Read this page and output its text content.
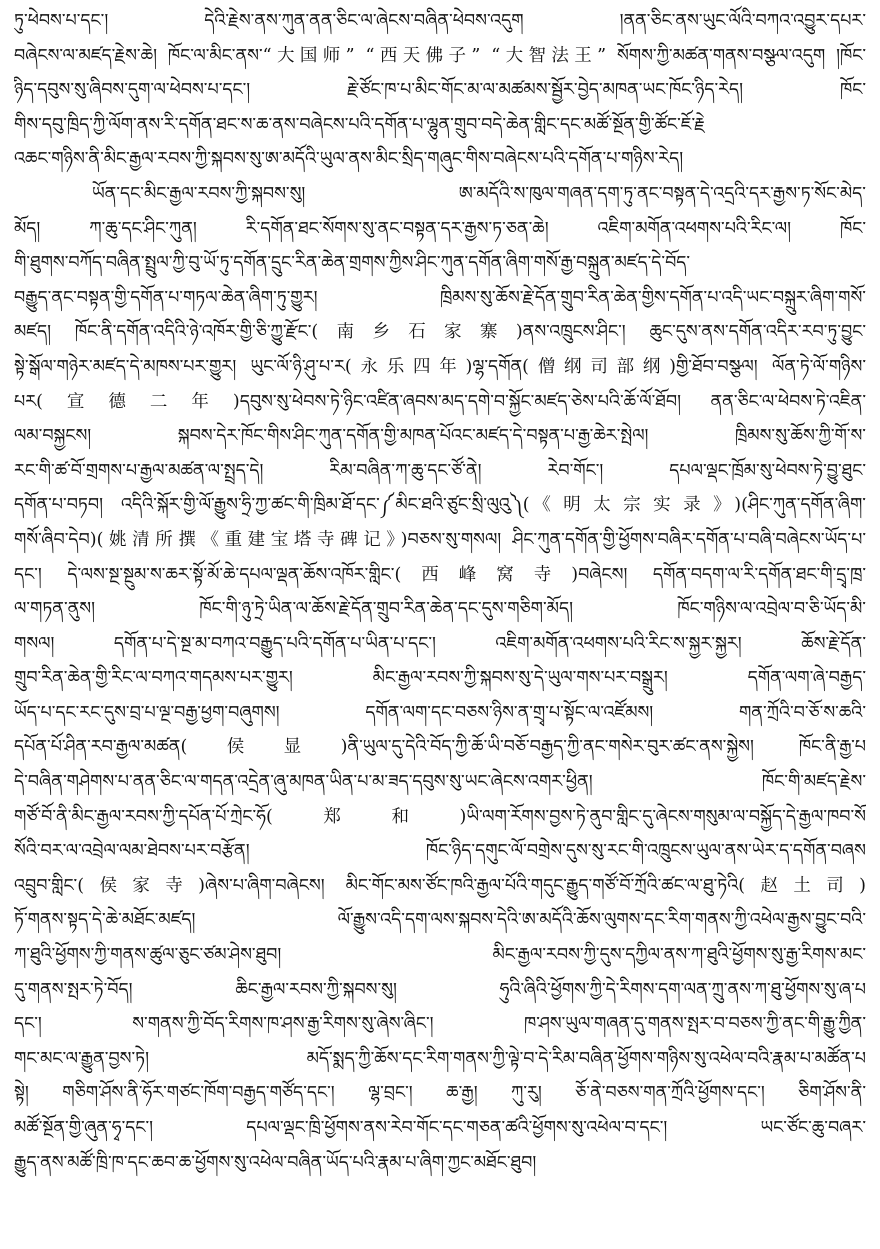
ཏུ་ཕེབས་པ་དང་། དེའི་རྗེས་ནས་ཀུན་ནན་ཅིང་ལ་ཞེངས་བཞིན་ཕེབས་འདུག །ནན་ཅིང་ནས་ཡུང་ལོའི་བཀའ་འབྱུར་དཔར་
བཞེངས་ལ་མཛད་རྗེས་ཆེ། ཁོང་ལ་མིང་ནས་“大国师” “西天佛子” “大智法王” སོགས་ཀྱི་མཚན་གནས་བསྩལ་འདུག །ཁོང་
ཉིད་དབུས་སུ་ཞིབས་དུག་ལ་ཕེབས་པ་དང་། རྗེ་ཙོང་ཁ་པ་མིང་གོང་མ་ལ་མཚམས་སྦྱོར་བྱེད་མཁན་ཡང་ཁོང་ཉིད་རེད། ཁོང་
གིས་དབུ་ཁྲིད་ཀྱི་ལོག་ནས་རི་དགོན་ཐང་ས་ཆ་ནས་བཞེངས་པའི་དགོན་པ་ལྷུན་གྲུབ་བདེ་ཆེན་གླིང་དང་མཚོ་སྔོན་གྱི་ཚོང་ཇོ་རྗེ
འཆང་གཉིས་ནི་མིང་རྒྱལ་རབས་ཀྱི་སྐབས་སུ་ཨ་མདོའི་ཡུལ་ནས་མིང་སྲིད་གཞུང་གིས་བཞེངས་པའི་དགོན་པ་གཉིས་རེད།
ཡོན་དང་མིང་རྒྱལ་རབས་ཀྱི་སྐབས་སུ། ཨ་མདོའི་ས་ཁུལ་གཞན་དག་ཏུ་ནང་བསྟན་དེ་འདྲའི་དར་རྒྱས་ཏ་སོང་མེད་
མོད། ཀ་ཆུ་དང་ཤིང་ཀུན། རི་དགོན་ཐང་སོགས་སུ་ནང་བསྟན་དར་རྒྱས་ཏ་ཅན་ཆེ། འཇིག་མགོན་འཕགས་པའི་རིང་ལ། ཁོང་
གི་ཐུགས་བཀོད་བཞིན་སྤྲུལ་ཀྱི་བུ་ཡོ་ཏུ་དགོན་དྲུང་རིན་ཆེན་གྲགས་ཀྱིས་ཤིང་ཀུན་དགོན་ཞིག་གསོ་རྒྱ་བསྐྲུན་མཛད་དེ་བོད་
བརྒྱུད་ནང་བསྟན་གྱི་དགོན་པ་གཏལ་ཆེན་ཞིག་ཏུ་གྱུར། ཁྲིམས་སུ་ཆོས་རྗེ་དོན་གྲུབ་རིན་ཆེན་གྱིས་དགོན་པ་འདི་ཡང་བསྐྲུར་ཞིག་གསོ་
མཛད། ཁོང་ནི་དགོན་འདིའི་ཉེ་འཁོར་གྱི་ཅི་ཀྱུ་རྫོང་(南乡石家寨)ནས་འཁྲུངས་ཤིང་། ཆུང་དུས་ནས་དགོན་འདིར་རབ་ཏུ་བྱུང་
སྟེ་སྒོལ་གཉེར་མཛད་དེ་མཁས་པར་གྱུར། ཡུང་ལོ་ཉི་ཤུ་པ་ར(永乐四年)ལྷ་དགོན(僧纲司部纲)གྱི་ཐོབ་བསྩལ། ལོན་ཏེ་ལོ་གཉིས་
པར(宣德二年)དབུས་སུ་ཕེབས་ཏེ་ཉིང་འཛིན་ཞབས་མད་དགེ་བ་སྐྱོང་མཛད་ཅེས་པའི་ཆོ་ལོ་ཐོབ། ནན་ཅིང་ལ་ཕེབས་ཏེ་འཇིན་
ལམ་བསྐྱངས། སྐབས་དེར་ཁོང་གིས་ཤིང་ཀུན་དགོན་གྱི་མཁན་པོའང་མཛད་དེ་བསྟན་པ་རྒྱ་ཆེར་སྤེལ། ཁྲིམས་སུ་ཆོས་ཀྱི་གོ་ས་
རང་གི་ཚ་བོ་གྲགས་པ་རྒྱལ་མཚན་ལ་སྤྲད་དེ། རིམ་བཞིན་ཀ་ཆུ་དང་ཙོ་ནེ། རེབ་གོང་། དཔལ་ལྡང་ཁྲོམ་སུ་ཕེབས་ཏེ་བྱུ་ཐུང་
དགོན་པ་བཏབ། འདིའི་སྐོར་གྱི་ལོ་རྒྱུས་ཧྲི་ཀྱ་ཚང་གི་ཁྲིམ་ཐོ་དང་༼མིང་ཐའི་ཙུང་སྲི་ལུའུ༽(《明太宗实录》)(ཤིང་ཀུན་དགོན་ཞིག་
གསོ་ཞིབ་དེབ)(姚清所撰《重建宝塔寺碑记》)བཅས་སུ་གསལ། ཤིང་ཀུན་དགོན་གྱི་ཕྱོགས་བཞིར་དགོན་པ་བཞི་བཞེངས་ཡོད་པ་
དང་། དེ་ལས་སྔ་སྔུམ་ས་ཆར་སྟོ་མོ་ཆེ་དཔལ་ལྡན་ཆོས་འཁོར་གླིང་(西峰窝寺)བཞེངས། དགོན་བདག་ལ་རི་དགོན་ཐང་གི་དྲྭ་ཁྲ་
ལ་གཏན་ནུས། ཁོང་གི་ཉུ་ཏྲེ་ཡིན་ལ་ཆོས་རྗེ་དོན་གྲུབ་རིན་ཆེན་དང་དུས་གཅིག་མོད། ཁོང་གཉིས་ལ་འབྲེལ་བ་ཅི་ཡོད་མི་
གསལ། དགོན་པ་དེ་སྔ་མ་བཀའ་བརྒྱུད་པའི་དགོན་པ་ཡིན་པ་དང་། འཇིག་མགོན་འཕགས་པའི་རིང་ས་སྐྱར་སྐྱར། ཆོས་རྗེ་དོན་
གྲུབ་རིན་ཆེན་གྱི་རིང་ལ་བཀའ་གདམས་པར་གྱུར། མིང་རྒྱལ་རབས་ཀྱི་སྐབས་སུ་དེ་ཡུལ་གས་པར་བསྒྲུར། དགོན་ལག་ཞེ་བརྒྱད་
ཡོད་པ་དང་རང་དུས་བྲ་པ་ལྔ་བརྒྱ་ཕྱག་བཞུགས། དགོན་ལག་དང་བཅས་ཉིས་ན་གྲྭ་པ་སྟོང་ལ་འཛོམས། གན་ཀྲོའི་བ་ཅོ་ས་ཆའི་
དཔོན་པོ་ཤིན་རབ་རྒྱལ་མཚན(侯显)ནི་ཡུལ་དུ་དེའི་བོད་ཀྱི་ཆོ་ཡི་བཅོ་བརྒྱད་ཀྱི་ནང་གསེར་བུར་ཚང་ནས་སྐྱེས། ཁོང་ནི་རྒྱ་པ
དེ་བཞིན་གཤེགས་པ་ནན་ཅིང་ལ་གདན་འདྲེན་ཞུ་མཁན་ཡིན་པ་མ་ཟད་དབུས་སུ་ཡང་ཞེངས་འགར་ཕྱིན། ཁོང་གི་མཛད་རྗེས་
གཙོ་བོ་ནི་མིང་རྒྱལ་རབས་ཀྱི་དཔོན་པོ་ཀྲེང་ཧོ(郑和)ཡི་ལག་རོགས་བྱས་ཏེ་ནུབ་གླིང་དུ་ཞེངས་གསུམ་ལ་བསྐྱོད་དེ་རྒྱལ་ཁབ་སོ
སོའི་བར་ལ་འབྲེལ་ལམ་ཐེབས་པར་བརྩོན། ཁོང་ཉིད་དགུང་ལོ་བགྲེས་དུས་སུ་རང་གི་འཁྲུངས་ཡུལ་ནས་ཡེར་ད་དགོན་བཞས
འབྲུབ་གླིང་(侯家寺)ཞེས་པ་ཞིག་བཞེངས། མིང་གོང་མས་ཙོང་ཁའི་རྒྱལ་པོའི་གདུང་རྒྱུད་གཙོ་བོ་ཀྲོའི་ཚང་ལ་ཐུ་ཏེའི(赵土司)
ཏོ་གནས་སྟད་དེ་ཆེ་མཐོང་མཛད། ལོ་རྒྱུས་འདི་དག་ལས་སྐབས་དེའི་ཨ་མདོའི་ཆོས་ལུགས་དང་རིག་གནས་ཀྱི་འཕེལ་རྒྱས་བྱུང་བའི་
ཀ་ཐུའི་ཕྱོགས་ཀྱི་གནས་ཚུལ་ཅུང་ཙམ་ཤེས་ཐུབ། མིང་རྒྱལ་རབས་ཀྱི་དུས་དཀྱིལ་ནས་ཀ་ཐུའི་ཕྱོགས་སུ་རྒྱ་རིགས་མང་
དུ་གནས་སྤར་ཏེ་བོད། ཆིང་རྒྱལ་རབས་ཀྱི་སྐབས་སུ། ཧུའི་ཞིའི་ཕྱོགས་ཀྱི་དེ་རིགས་དག་ལན་ཀྲུ་ནས་ཀ་ཐུ་ཕྱོགས་སུ་ཞ་པ
དང་། ས་གནས་ཀྱི་བོད་རིགས་ཁ་ཤས་རྒྱ་རིགས་སུ་ཞེས་ཞིང་། ཁ་ཤས་ཡུལ་གཞན་དུ་གནས་སྤར་བ་བཅས་ཀྱི་ནང་གི་རྒྱུ་ཀྱིན་
གང་མང་ལ་རྒྱུན་བྱས་ཏེ། མདོ་སྨད་ཀྱི་ཆོས་དང་རིག་གནས་ཀྱི་ལྟེ་བ་དེ་རིམ་བཞིན་ཕྱོགས་གཉིས་སུ་འཕེལ་བའི་རྣམ་པ་མཚོན་པ
སྟེ། གཅིག་ཤོས་ནི་ཧོར་གཙང་ཁོག་བརྒྱད་གཙོད་དང་། ལྷ་བྲང་། ཆ་རྒྱ། ཀུ་རུ། ཅོ་ནེ་བཅས་གན་ཀྲོའི་ཕྱོགས་དང་། ཅིག་ཤོས་ནི་
མཚོ་སྔོན་གྱི་ཞུན་ཧྭ་དང་། དཔལ་ལྡང་ཁྲི་ཕྱོགས་ནས་རེབ་གོང་དང་གཅན་ཚའི་ཕྱོགས་སུ་འཕེལ་བ་དང་། ཡང་ཙོང་ཆུ་བཞར་
རྒྱུད་ནས་མཚོ་ཁྲི་ཁ་དང་ཆབ་ཆ་ཕྱོགས་སུ་འཕེལ་བཞིན་ཡོད་པའི་རྣམ་པ་ཞིག་ཀྱང་མཐོང་ཐུབ།
